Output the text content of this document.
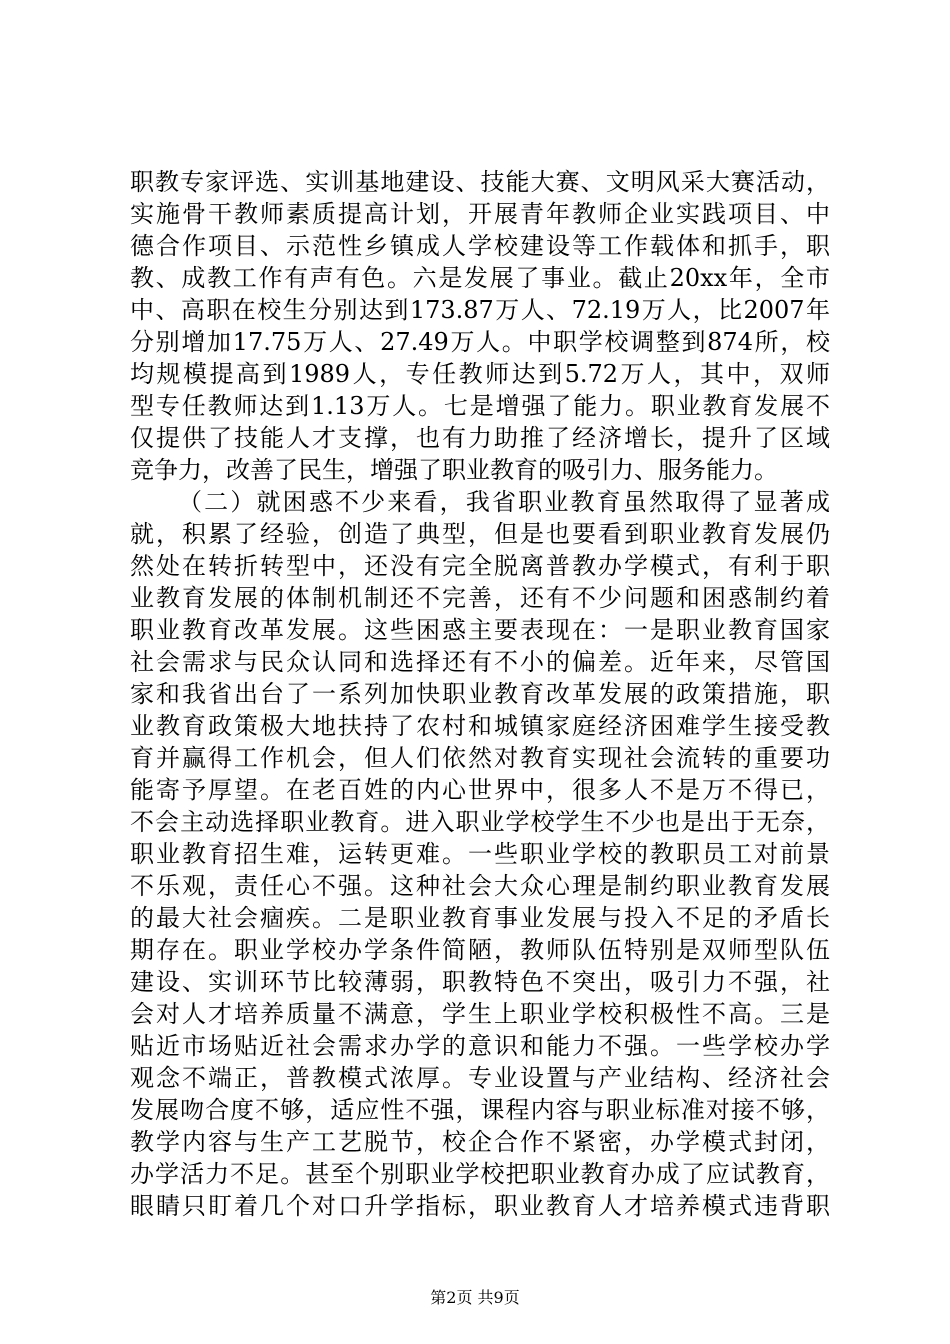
职教专家评选、实训基地建设、技能大赛、文明风采大赛活动，
实施骨干教师素质提高计划，开展青年教师企业实践项目、中
德合作项目、示范性乡镇成人学校建设等工作载体和抓手，职
教、成教工作有声有色。六是发展了事业。截止20xx年，全市
中、高职在校生分别达到173.87万人、72.19万人，比2007年
分别增加17.75万人、27.49万人。中职学校调整到874所，校
均规模提高到1989人，专任教师达到5.72万人，其中，双师
型专任教师达到1.13万人。七是增强了能力。职业教育发展不
仅提供了技能人才支撑，也有力助推了经济增长，提升了区域
竞争力，改善了民生，增强了职业教育的吸引力、服务能力。
（二）就困惑不少来看，我省职业教育虽然取得了显著成
就，积累了经验，创造了典型，但是也要看到职业教育发展仍
然处在转折转型中，还没有完全脱离普教办学模式，有利于职
业教育发展的体制机制还不完善，还有不少问题和困惑制约着
职业教育改革发展。这些困惑主要表现在：一是职业教育国家
社会需求与民众认同和选择还有不小的偏差。近年来，尽管国
家和我省出台了一系列加快职业教育改革发展的政策措施，职
业教育政策极大地扶持了农村和城镇家庭经济困难学生接受教
育并赢得工作机会，但人们依然对教育实现社会流转的重要功
能寄予厚望。在老百姓的内心世界中，很多人不是万不得已，
不会主动选择职业教育。进入职业学校学生不少也是出于无奈，
职业教育招生难，运转更难。一些职业学校的教职员工对前景
不乐观，责任心不强。这种社会大众心理是制约职业教育发展
的最大社会痼疾。二是职业教育事业发展与投入不足的矛盾长
期存在。职业学校办学条件简陋，教师队伍特别是双师型队伍
建设、实训环节比较薄弱，职教特色不突出，吸引力不强，社
会对人才培养质量不满意，学生上职业学校积极性不高。三是
贴近市场贴近社会需求办学的意识和能力不强。一些学校办学
观念不端正，普教模式浓厚。专业设置与产业结构、经济社会
发展吻合度不够，适应性不强，课程内容与职业标准对接不够，
教学内容与生产工艺脱节，校企合作不紧密，办学模式封闭，
办学活力不足。甚至个别职业学校把职业教育办成了应试教育，
眼睛只盯着几个对口升学指标，职业教育人才培养模式违背职
第2页 共9页
